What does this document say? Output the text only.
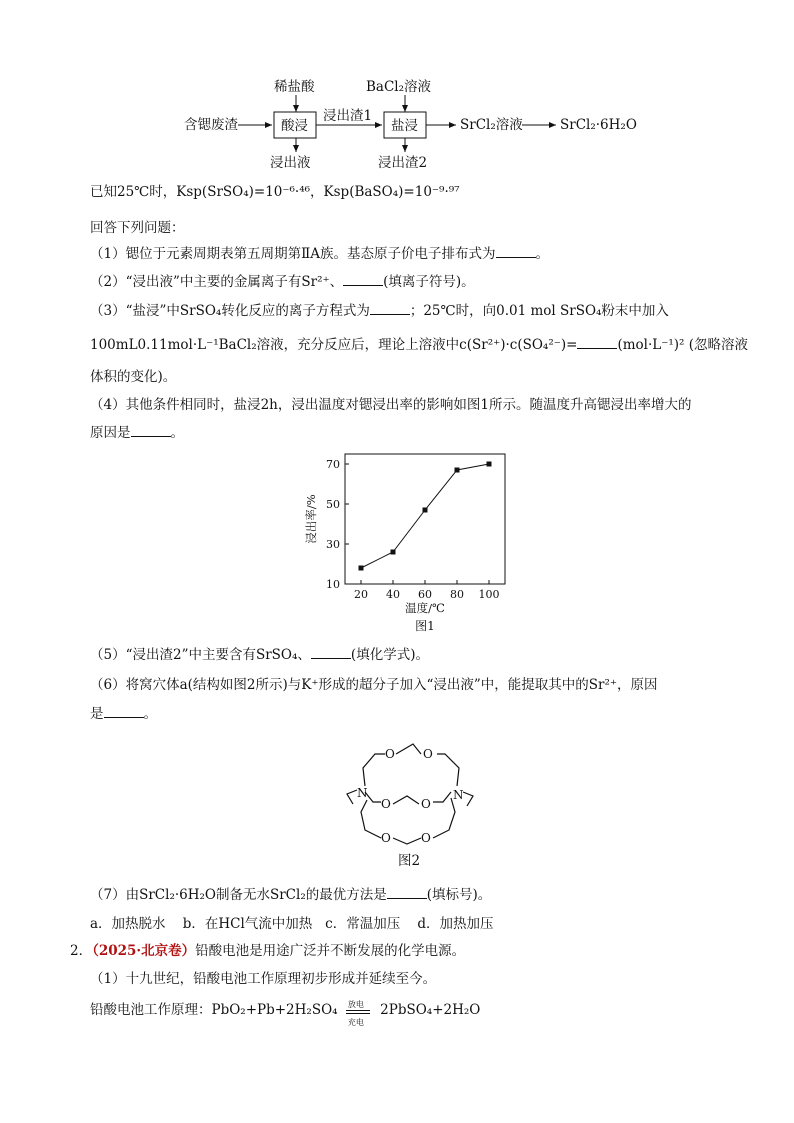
含锶废渣
稀盐酸
酸浸
浸出液
浸出渣1
BaCl₂溶液
盐浸
浸出渣2
SrCl₂溶液	SrCl₂·6H₂O
已知25℃时，Ksp(SrSO₄)=10⁻⁶·⁴⁶，Ksp(BaSO₄)=10⁻⁹·⁹⁷
回答下列问题：
（1）锶位于元素周期表第五周期第ⅡA族。基态原子价电子排布式为	。
（2）“浸出液”中主要的金属离子有Sr²⁺、	(填离子符号)。
（3）“盐浸”中SrSO₄转化反应的离子方程式为	；25℃时，向0.01 mol SrSO₄粉末中加入
100mL0.11mol·L⁻¹BaCl₂溶液，充分反应后，理论上溶液中c(Sr²⁺)·c(SO₄²⁻)=	(mol·L⁻¹)² (忽略溶液
体积的变化)。
（4）其他条件相同时，盐浸2h，浸出温度对锶浸出率的影响如图1所示。随温度升高锶浸出率增大的
原因是	。
20 40 60 80 100
10
30
50
70
温度/℃
浸出率/%
图1
（5）“浸出渣2”中主要含有SrSO₄、	(填化学式)。
（6）将窝穴体a(结构如图2所示)与K⁺形成的超分子加入“浸出液”中，能提取其中的Sr²⁺，原因
是	。
O O
N	N
O	O
O	O
图2
（7）由SrCl₂·6H₂O制备无水SrCl₂的最优方法是	(填标号)。
a．加热脱水    b．在HCl气流中加热   c．常温加压    d．加热加压
2．（2025·北京卷）铅酸电池是用途广泛并不断发展的化学电源。
（1）十九世纪，铅酸电池工作原理初步形成并延续至今。
铅酸电池工作原理：PbO₂+Pb+2H₂SO₄ 放电
充电
2PbSO₄+2H₂O
